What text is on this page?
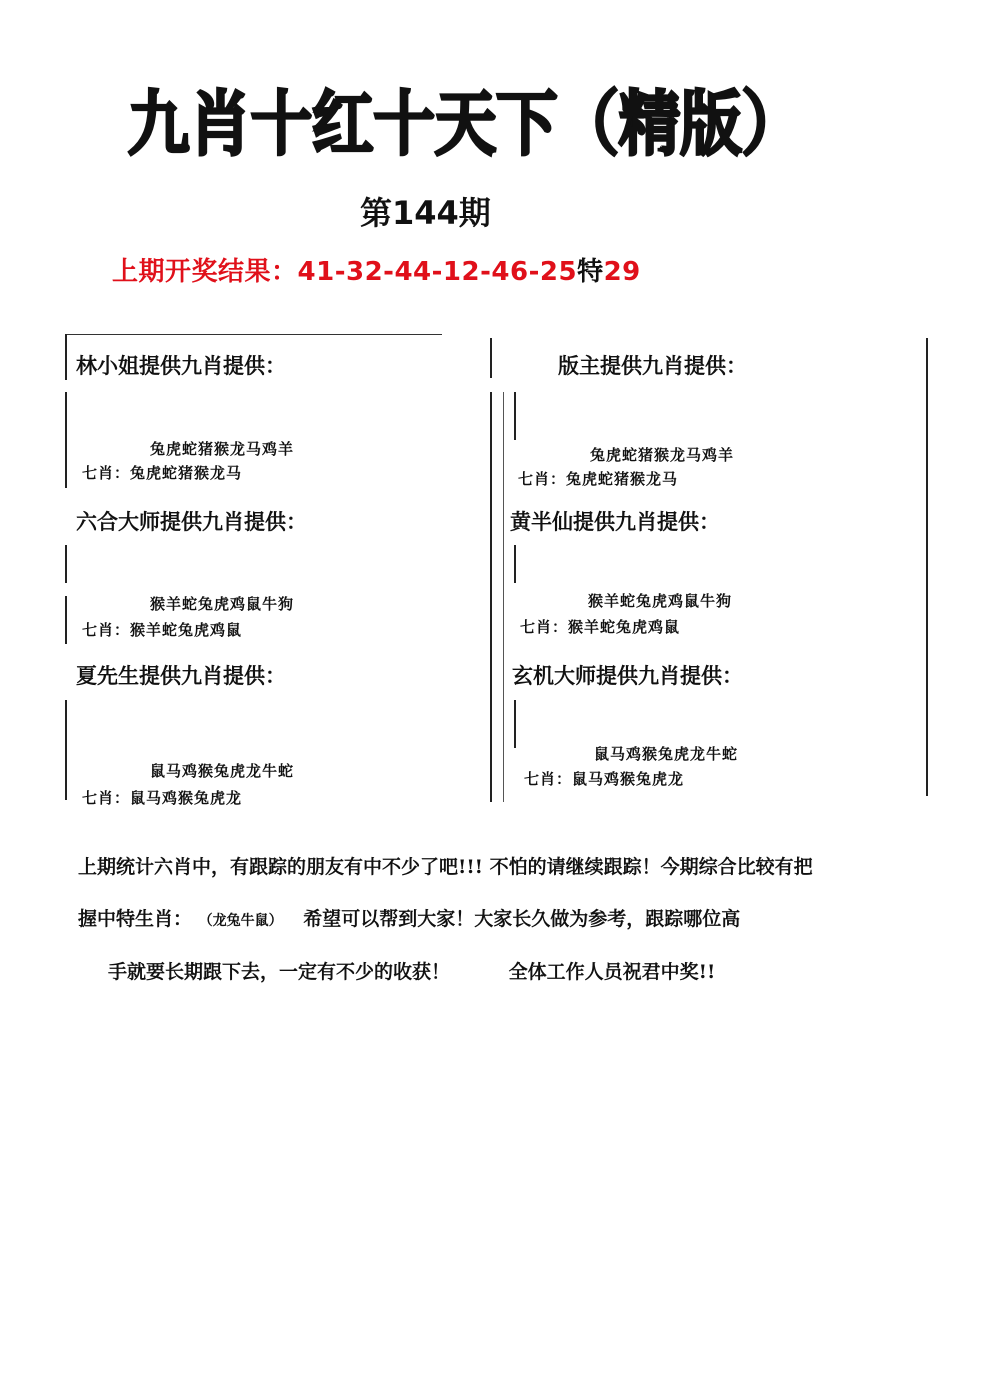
九肖十红十天下（精版）
第144期
上期开奖结果：41-32-44-12-46-25特29
林小姐提供九肖提供：
兔虎蛇猪猴龙马鸡羊
七肖：兔虎蛇猪猴龙马
版主提供九肖提供：
兔虎蛇猪猴龙马鸡羊
七肖：兔虎蛇猪猴龙马
六合大师提供九肖提供：
猴羊蛇兔虎鸡鼠牛狗
七肖：猴羊蛇兔虎鸡鼠
黄半仙提供九肖提供：
猴羊蛇兔虎鸡鼠牛狗
七肖：猴羊蛇兔虎鸡鼠
夏先生提供九肖提供：
鼠马鸡猴兔虎龙牛蛇
七肖：鼠马鸡猴兔虎龙
玄机大师提供九肖提供：
鼠马鸡猴兔虎龙牛蛇
七肖：鼠马鸡猴兔虎龙
上期统计六肖中，有跟踪的朋友有中不少了吧!!! 不怕的请继续跟踪！今期综合比较有把
握中特生肖： （龙兔牛鼠） 希望可以帮到大家！大家长久做为参考，跟踪哪位高
手就要长期跟下去，一定有不少的收获！	全体工作人员祝君中奖!!
